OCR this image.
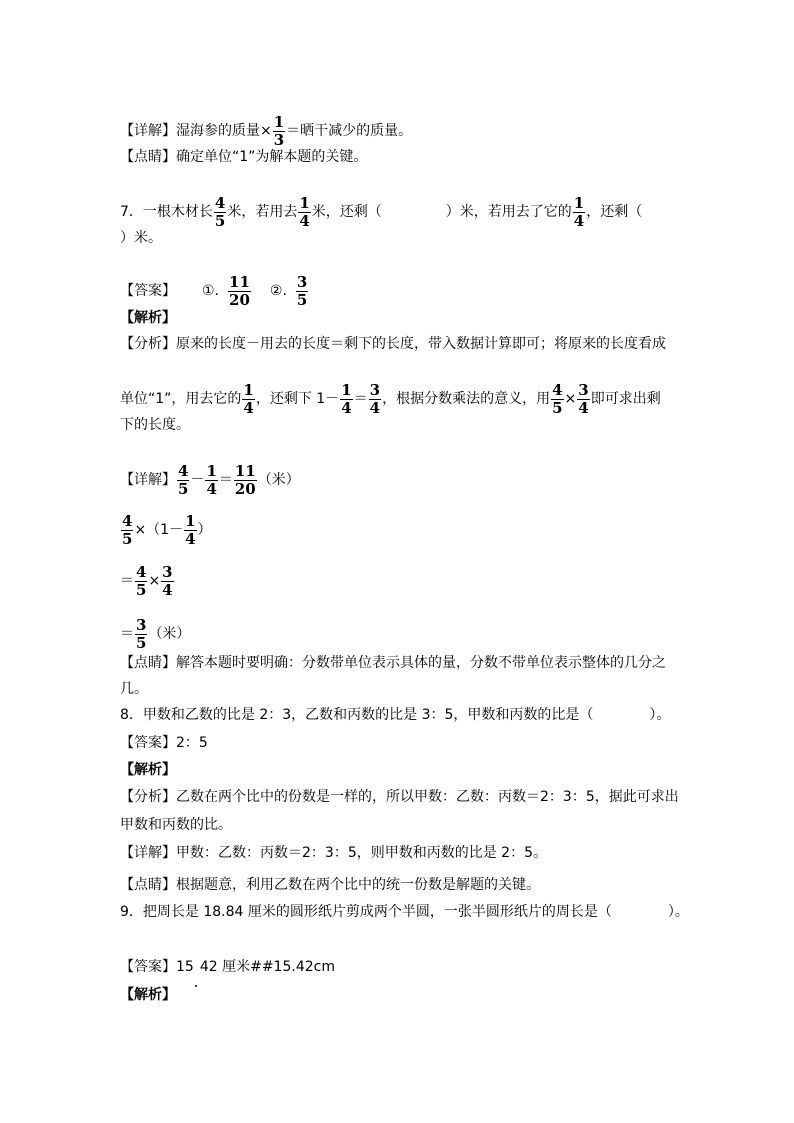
【详解】湿海参的质量× $\frac{1}{3}$ ＝晒干减少的质量。
【点睛】确定单位“1”为解本题的关键。
7．一根木材长 $\frac{4}{5}$ 米，若用去 $\frac{1}{4}$ 米，还剩（	）米，若用去了它的 $\frac{1}{4}$ ，还剩（
）米。
【答案】 ①. $\frac{11}{20}$ ②. $\frac{3}{5}$
【解析】
【分析】原来的长度－用去的长度＝剩下的长度，带入数据计算即可；将原来的长度看成
单位“1”，用去它的 $\frac{1}{4}$ ，还剩下 $1- \frac{1}{4} = \frac{3}{4}$ ，根据分数乘法的意义，用 $\frac{4}{5} \times \frac{3}{4}$ 即可求出剩
下的长度。
【详解】 $\frac{4}{5} - \frac{1}{4} = \frac{11}{20}$ （米）
$\frac{4}{5} \times(1- \frac{1}{4}$ ）
＝ $\frac{4}{5} \times \frac{3}{4}$
＝ $\frac{3}{5}$ （米）
【点睛】解答本题时要明确：分数带单位表示具体的量，分数不带单位表示整体的几分之
几。
8．甲数和乙数的比是 2：3，乙数和丙数的比是 3：5，甲数和丙数的比是（　　　　）。
【答案】2：5
【解析】
【分析】乙数在两个比中的份数是一样的，所以甲数：乙数：丙数＝2：3：5，据此可求出
甲数和丙数的比。
【详解】甲数：乙数：丙数＝2：3：5，则甲数和丙数的比是 2：5。
【点睛】根据题意，利用乙数在两个比中的统一份数是解题的关键。
9．把周长是 18.84 厘米的圆形纸片剪成两个半圆，一张半圆形纸片的周长是（　　　　）。
【答案】15 42 厘米##15.42cm
【解析】
